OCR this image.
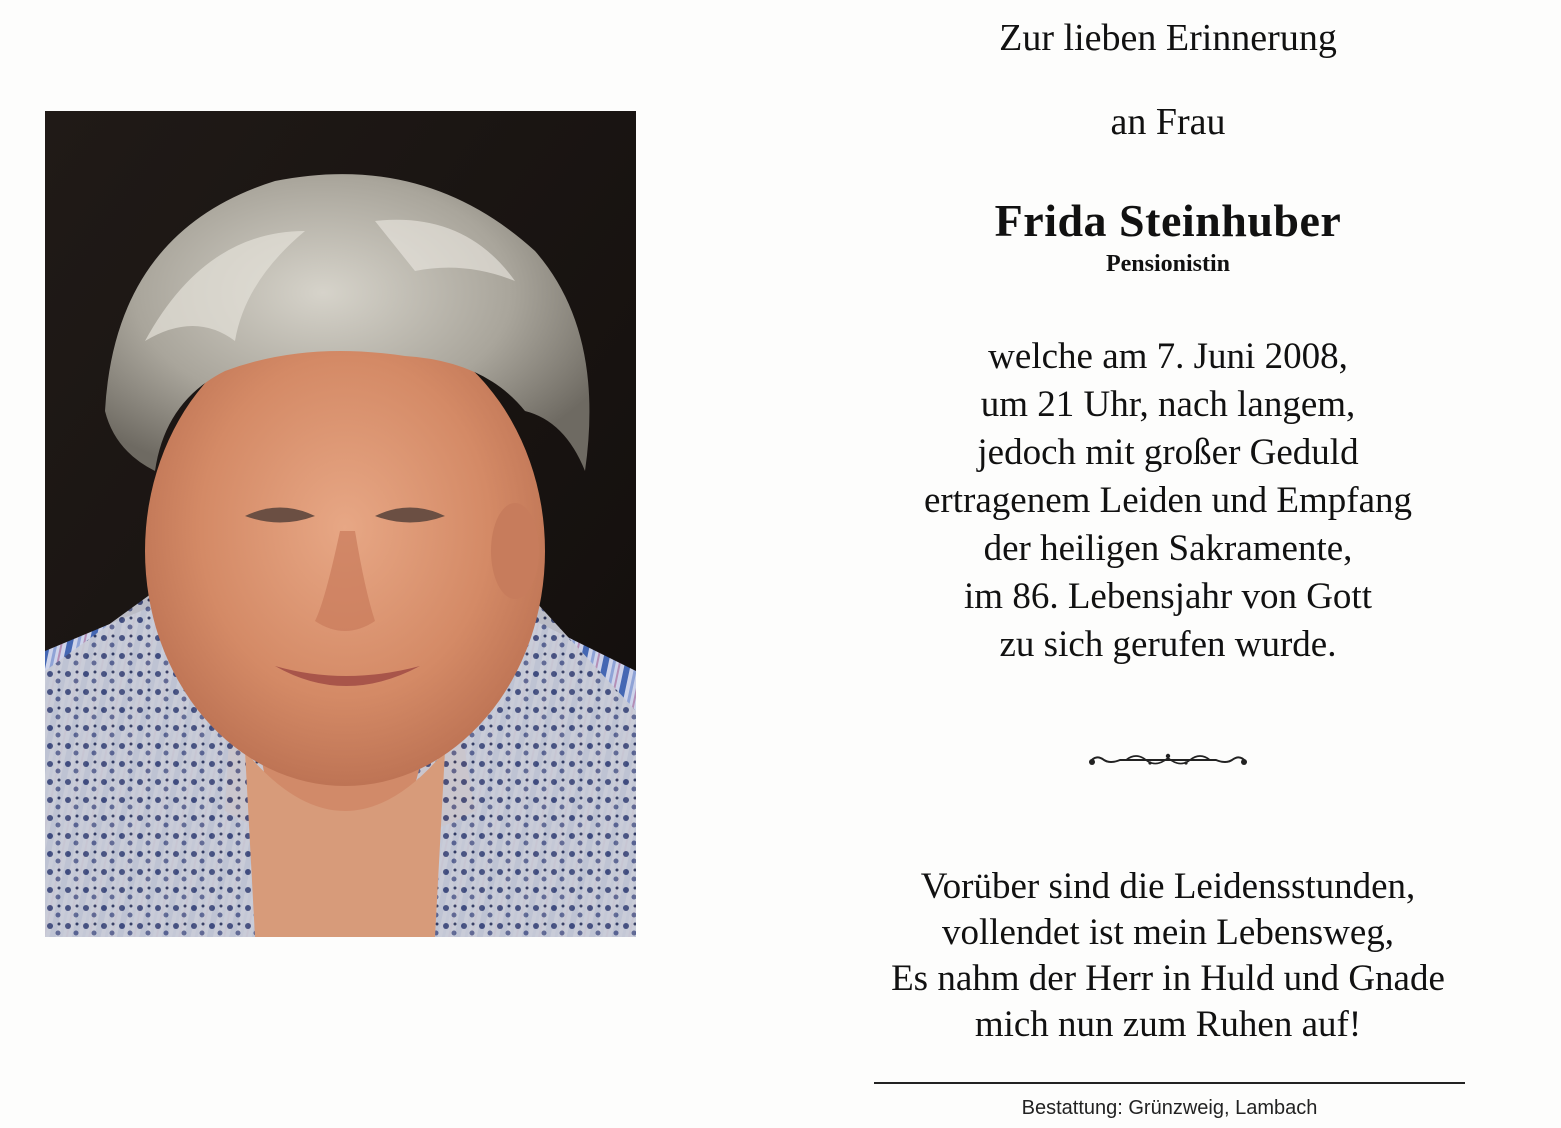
Zur lieben Erinnerung
an Frau
Frida Steinhuber
Pensionistin
welche am 7. Juni 2008,
um 21 Uhr, nach langem,
jedoch mit großer Geduld
ertragenem Leiden und Empfang
der heiligen Sakramente,
im 86. Lebensjahr von Gott
zu sich gerufen wurde.
Vorüber sind die Leidensstunden,
vollendet ist mein Lebensweg,
Es nahm der Herr in Huld und Gnade
mich nun zum Ruhen auf!
Bestattung: Grünzweig, Lambach
